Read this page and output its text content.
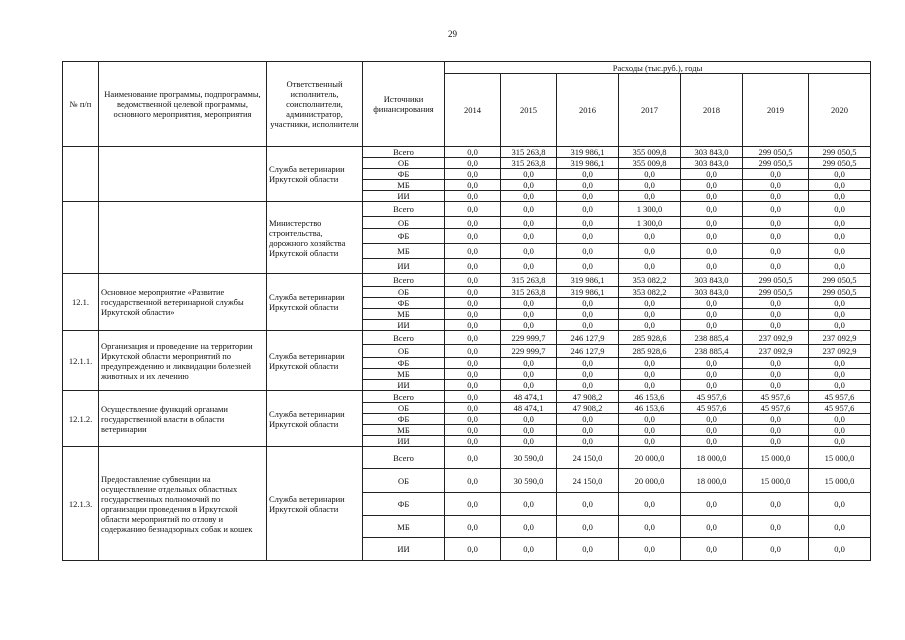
29
№ п/п	Наименование программы, подпрограммы, ведомственной целевой программы, основного мероприятия, мероприятия	Ответственный исполнитель, соисполнители, администратор, участники, исполнители	Источники финансирования	Расходы (тыс.руб.), годы						
				2014	2015	2016	2017	2018	2019	2020
		Служба ветеринарии Иркутской области	Всего	0,0	315 263,8	319 986,1	355 009,8	303 843,0	299 050,5	299 050,5
			ОБ	0,0	315 263,8	319 986,1	355 009,8	303 843,0	299 050,5	299 050,5
			ФБ	0,0	0,0	0,0	0,0	0,0	0,0	0,0
			МБ	0,0	0,0	0,0	0,0	0,0	0,0	0,0
			ИИ	0,0	0,0	0,0	0,0	0,0	0,0	0,0
		Министерство строительства, дорожного хозяйства Иркутской области	Всего	0,0	0,0	0,0	1 300,0	0,0	0,0	0,0
			ОБ	0,0	0,0	0,0	1 300,0	0,0	0,0	0,0
			ФБ	0,0	0,0	0,0	0,0	0,0	0,0	0,0
			МБ	0,0	0,0	0,0	0,0	0,0	0,0	0,0
			ИИ	0,0	0,0	0,0	0,0	0,0	0,0	0,0
12.1.	Основное мероприятие «Развитие государственной ветеринарной службы Иркутской области»	Служба ветеринарии Иркутской области	Всего	0,0	315 263,8	319 986,1	353 082,2	303 843,0	299 050,5	299 050,5
			ОБ	0,0	315 263,8	319 986,1	353 082,2	303 843,0	299 050,5	299 050,5
			ФБ	0,0	0,0	0,0	0,0	0,0	0,0	0,0
			МБ	0,0	0,0	0,0	0,0	0,0	0,0	0,0
			ИИ	0,0	0,0	0,0	0,0	0,0	0,0	0,0
12.1.1.	Организация и проведение на территории Иркутской области мероприятий по предупреждению и ликвидации болезней животных и их лечению	Служба ветеринарии Иркутской области	Всего	0,0	229 999,7	246 127,9	285 928,6	238 885,4	237 092,9	237 092,9
			ОБ	0,0	229 999,7	246 127,9	285 928,6	238 885,4	237 092,9	237 092,9
			ФБ	0,0	0,0	0,0	0,0	0,0	0,0	0,0
			МБ	0,0	0,0	0,0	0,0	0,0	0,0	0,0
			ИИ	0,0	0,0	0,0	0,0	0,0	0,0	0,0
12.1.2.	Осуществление функций органами государственной власти в области ветеринарии	Служба ветеринарии Иркутской области	Всего	0,0	48 474,1	47 908,2	46 153,6	45 957,6	45 957,6	45 957,6
			ОБ	0,0	48 474,1	47 908,2	46 153,6	45 957,6	45 957,6	45 957,6
			ФБ	0,0	0,0	0,0	0,0	0,0	0,0	0,0
			МБ	0,0	0,0	0,0	0,0	0,0	0,0	0,0
			ИИ	0,0	0,0	0,0	0,0	0,0	0,0	0,0
12.1.3.	Предоставление субвенции на осуществление отдельных областных государственных полномочий по организации проведения в Иркутской области мероприятий по отлову и содержанию безнадзорных собак и кошек	Служба ветеринарии Иркутской области	Всего	0,0	30 590,0	24 150,0	20 000,0	18 000,0	15 000,0	15 000,0
			ОБ	0,0	30 590,0	24 150,0	20 000,0	18 000,0	15 000,0	15 000,0
			ФБ	0,0	0,0	0,0	0,0	0,0	0,0	0,0
			МБ	0,0	0,0	0,0	0,0	0,0	0,0	0,0
			ИИ	0,0	0,0	0,0	0,0	0,0	0,0	0,0
